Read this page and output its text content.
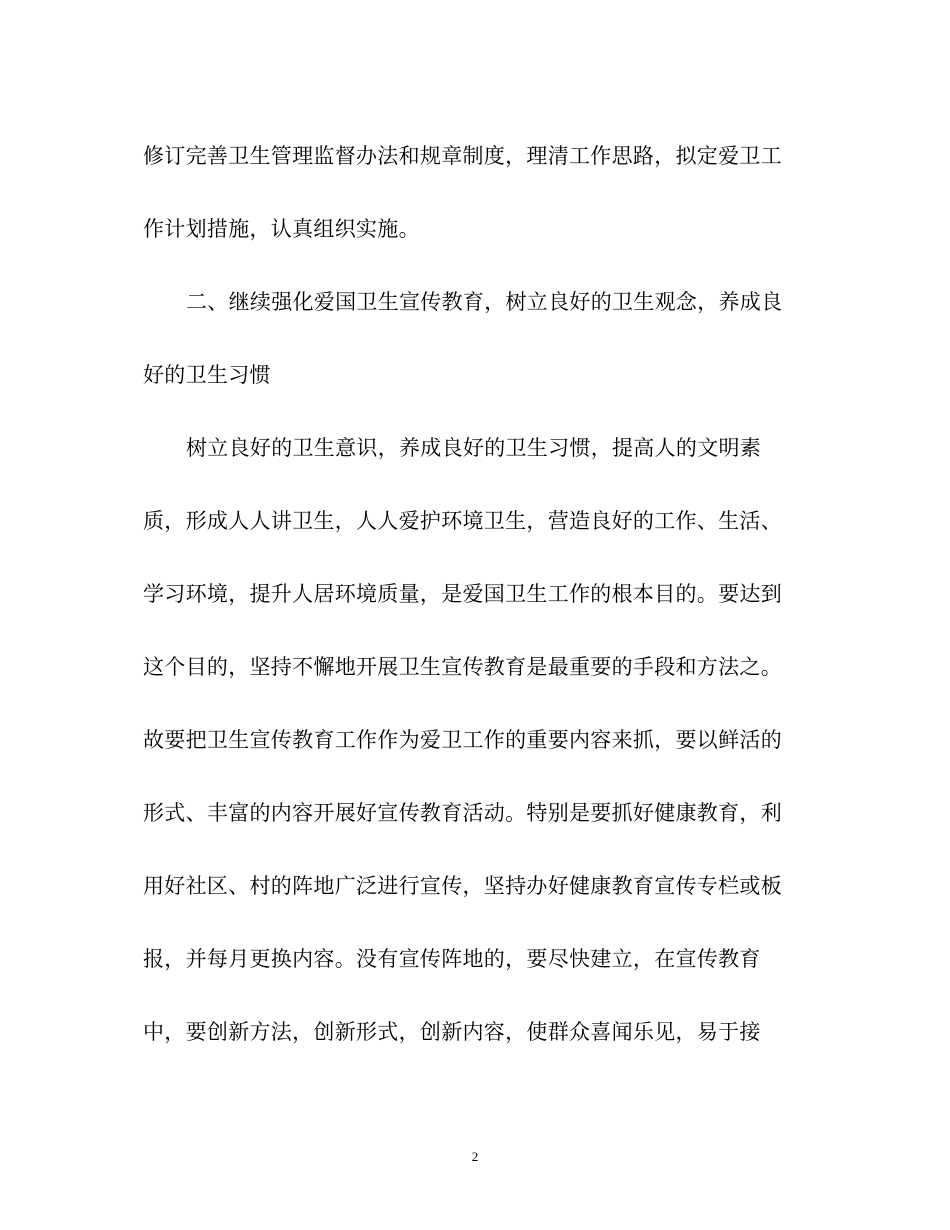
修订完善卫生管理监督办法和规章制度，理清工作思路，拟定爱卫工
作计划措施，认真组织实施。
二、继续强化爱国卫生宣传教育，树立良好的卫生观念，养成良
好的卫生习惯
树立良好的卫生意识，养成良好的卫生习惯，提高人的文明素
质，形成人人讲卫生，人人爱护环境卫生，营造良好的工作、生活、
学习环境，提升人居环境质量，是爱国卫生工作的根本目的。要达到
这个目的，坚持不懈地开展卫生宣传教育是最重要的手段和方法之。
故要把卫生宣传教育工作作为爱卫工作的重要内容来抓，要以鲜活的
形式、丰富的内容开展好宣传教育活动。特别是要抓好健康教育，利
用好社区、村的阵地广泛进行宣传，坚持办好健康教育宣传专栏或板
报，并每月更换内容。没有宣传阵地的，要尽快建立，在宣传教育
中，要创新方法，创新形式，创新内容，使群众喜闻乐见，易于接
2
